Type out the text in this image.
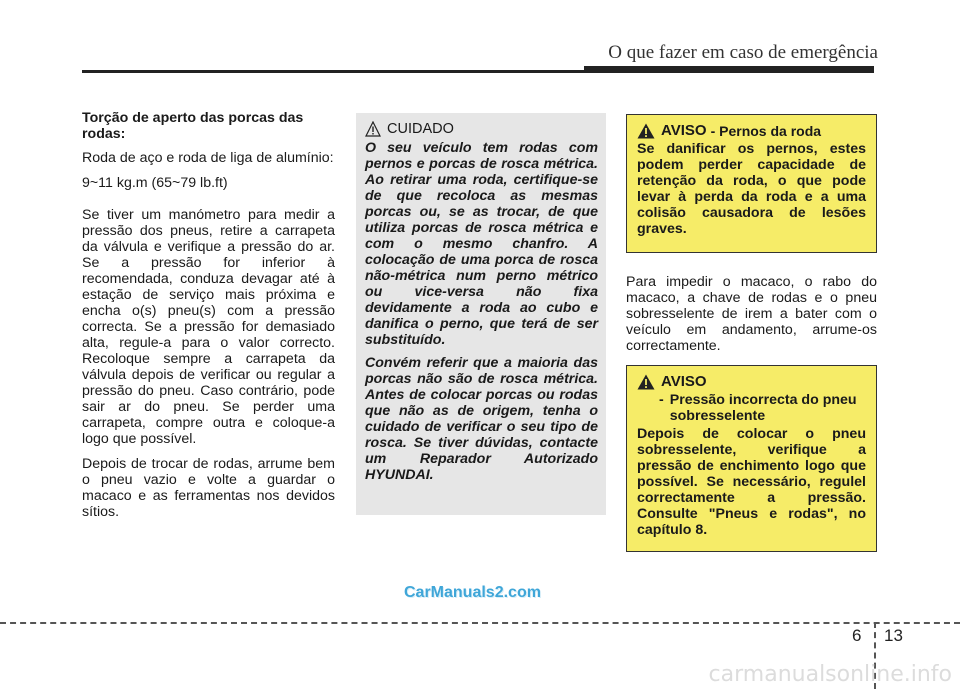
O que fazer em caso de emergência

Torção de aperto das porcas das rodas:

Roda de aço e roda de liga de alumínio:

9~11 kg.m (65~79 lb.ft)

Se tiver um manómetro para medir a pressão dos pneus, retire a carrapeta da válvula e verifique a pressão do ar. Se a pressão for inferior à recomendada, conduza devagar até à estação de serviço mais próxima e encha o(s) pneu(s) com a pressão correcta. Se a pressão for demasiado alta, regule-a para o valor correcto. Recoloque sempre a carrapeta da válvula depois de verificar ou regular a pressão do pneu. Caso contrário, pode sair ar do pneu. Se perder uma carrapeta, compre outra e coloque-a logo que possível.

Depois de trocar de rodas, arrume bem o pneu vazio e volte a guardar o macaco e as ferramentas nos devidos sítios.

CUIDADO

O seu veículo tem rodas com pernos e porcas de rosca métrica. Ao retirar uma roda, certifique-se de que recoloca as mesmas porcas ou, se as trocar, de que utiliza porcas de rosca métrica e com o mesmo chanfro. A colocação de uma porca de rosca não-métrica num perno métrico ou vice-versa não fixa devidamente a roda ao cubo e danifica o perno, que terá de ser substituído.

Convém referir que a maioria das porcas não são de rosca métrica. Antes de colocar porcas ou rodas que não as de origem, tenha o cuidado de verificar o seu tipo de rosca. Se tiver dúvidas, contacte um Reparador Autorizado HYUNDAI.

AVISO - Pernos da roda

Se danificar os pernos, estes podem perder capacidade de retenção da roda, o que pode levar à perda da roda e a uma colisão causadora de lesões graves.

Para impedir o macaco, o rabo do macaco, a chave de rodas e o pneu sobresselente de irem a bater com o veículo em andamento, arrume-os correctamente.

AVISO
- Pressão incorrecta do pneu sobresselente

Depois de colocar o pneu sobresselente, verifique a pressão de enchimento logo que possível. Se necessário, regulel correctamente a pressão. Consulte "Pneus e rodas", no capítulo 8.

CarManuals2.com
6 13
carmanualsonline.info
